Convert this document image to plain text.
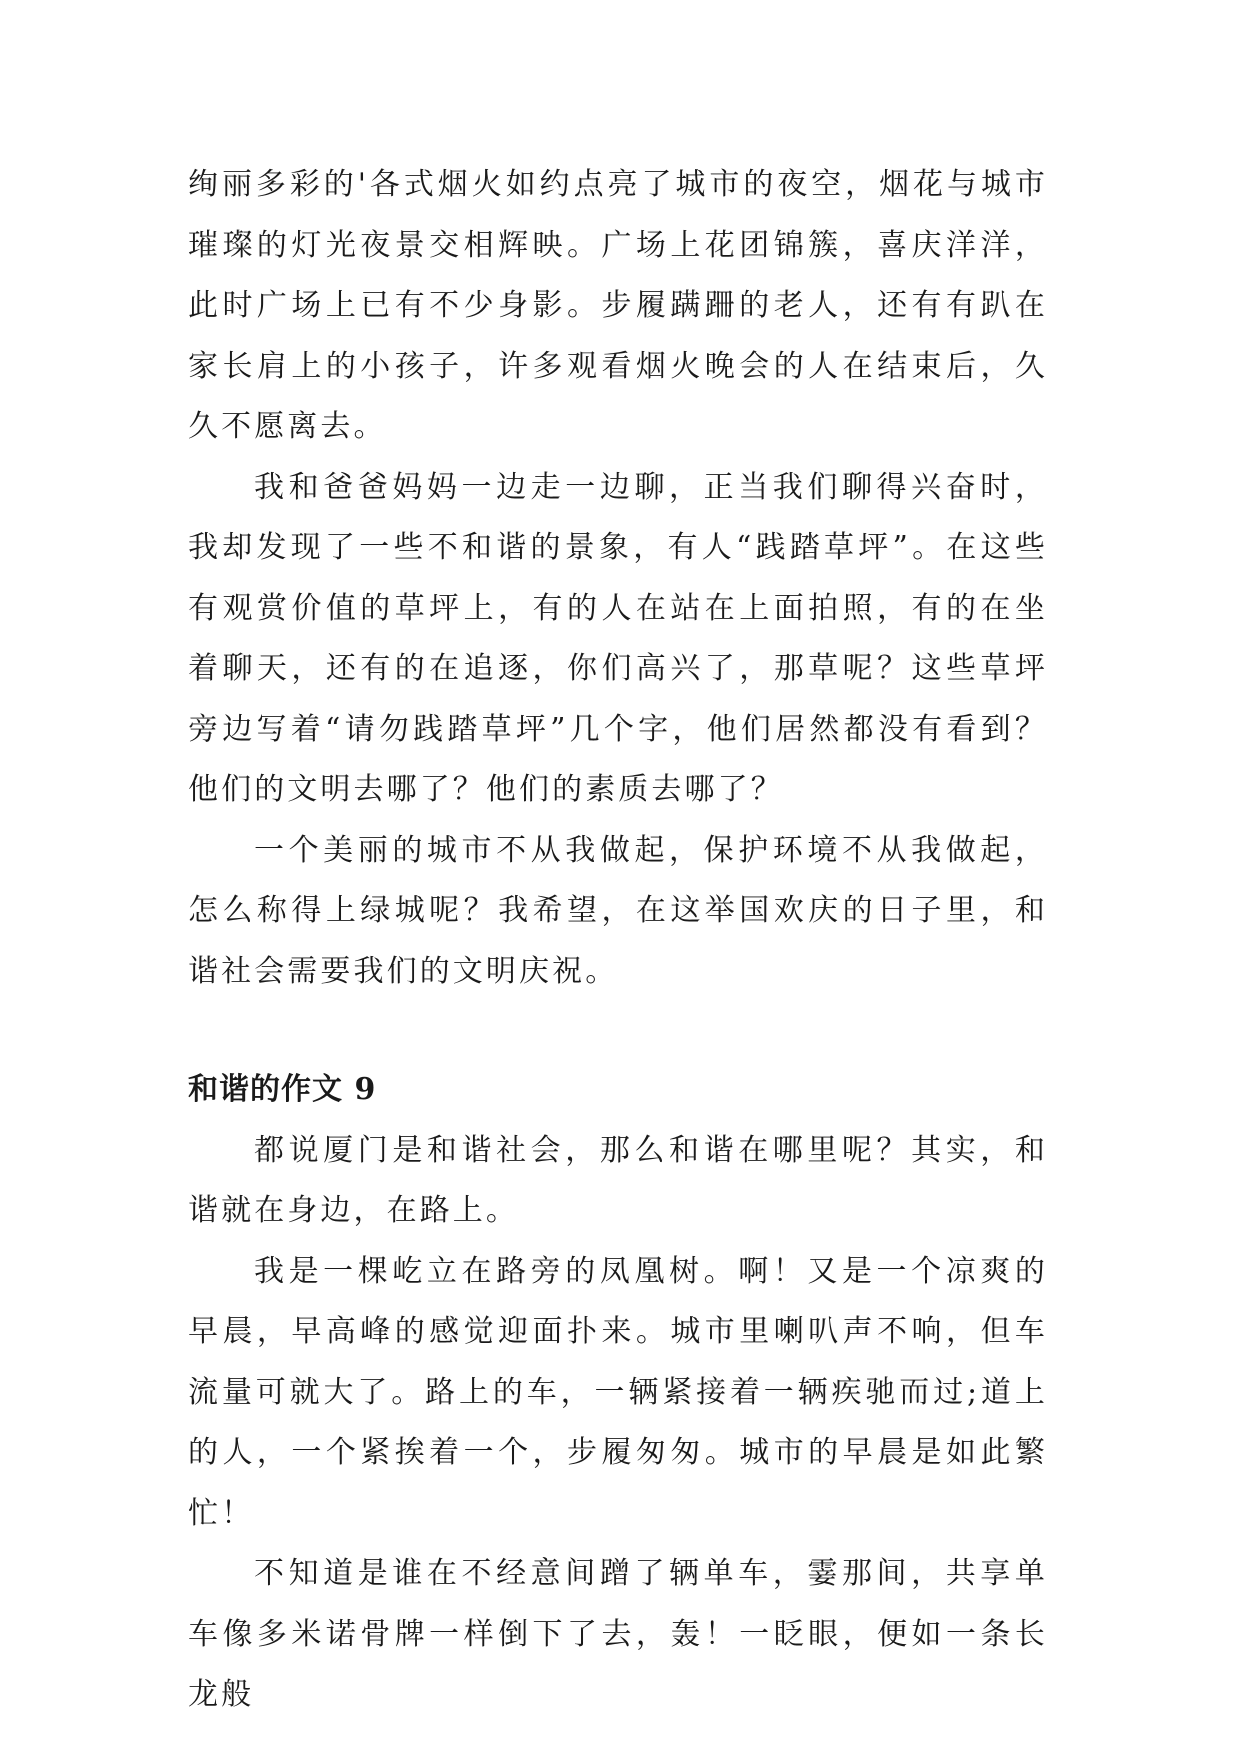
绚丽多彩的'各式烟火如约点亮了城市的夜空，烟花与城市璀璨的灯光夜景交相辉映。广场上花团锦簇，喜庆洋洋，此时广场上已有不少身影。步履蹒跚的老人，还有有趴在家长肩上的小孩子，许多观看烟火晚会的人在结束后，久久不愿离去。

我和爸爸妈妈一边走一边聊，正当我们聊得兴奋时，我却发现了一些不和谐的景象，有人“践踏草坪”。在这些有观赏价值的草坪上，有的人在站在上面拍照，有的在坐着聊天，还有的在追逐，你们高兴了，那草呢？这些草坪旁边写着“请勿践踏草坪”几个字，他们居然都没有看到？他们的文明去哪了？他们的素质去哪了？

一个美丽的城市不从我做起，保护环境不从我做起，怎么称得上绿城呢？我希望，在这举国欢庆的日子里，和谐社会需要我们的文明庆祝。

和谐的作文 9

都说厦门是和谐社会，那么和谐在哪里呢？其实，和谐就在身边，在路上。

我是一棵屹立在路旁的凤凰树。啊！又是一个凉爽的早晨，早高峰的感觉迎面扑来。城市里喇叭声不响，但车流量可就大了。路上的车，一辆紧接着一辆疾驰而过;道上的人，一个紧挨着一个，步履匆匆。城市的早晨是如此繁忙！

不知道是谁在不经意间蹭了辆单车，霎那间，共享单车像多米诺骨牌一样倒下了去，轰！一眨眼，便如一条长龙般
